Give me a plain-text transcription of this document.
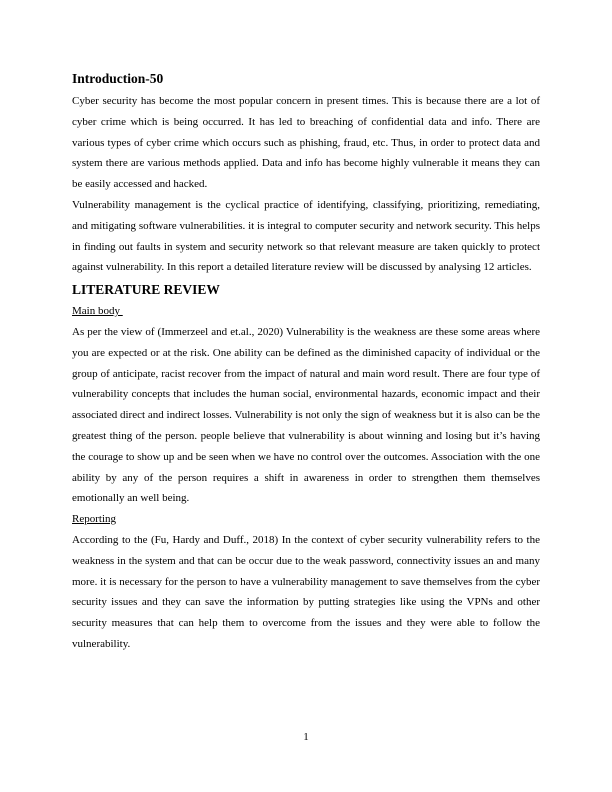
Introduction-50

Cyber security has become the most popular concern in present times. This is because there are a lot of cyber crime which is being occurred. It has led to breaching of confidential data and info. There are various types of cyber crime which occurs such as phishing, fraud, etc. Thus, in order to protect data and system there are various methods applied. Data and info has become highly vulnerable it means they can be easily accessed and hacked.

Vulnerability management is the cyclical practice of identifying, classifying, prioritizing, remediating, and mitigating software vulnerabilities. it is integral to computer security and network security. This helps in finding out faults in system and security network so that relevant measure are taken quickly to protect against vulnerability. In this report a detailed literature review will be discussed by analysing 12 articles.

LITERATURE REVIEW

Main body

As per the view of (Immerzeel and et.al., 2020) Vulnerability is the weakness are these some areas where you are expected or at the risk. One ability can be defined as the diminished capacity of individual or the group of anticipate, racist recover from the impact of natural and main word result. There are four type of vulnerability concepts that includes the human social, environmental hazards, economic impact and their associated direct and indirect losses. Vulnerability is not only the sign of weakness but it is also can be the greatest thing of the person. people believe that vulnerability is about winning and losing but it’s having the courage to show up and be seen when we have no control over the outcomes. Association with the one ability by any of the person requires a shift in awareness in order to strengthen them themselves emotionally an well being.

Reporting

According to the (Fu, Hardy and Duff., 2018) In the context of cyber security vulnerability refers to the weakness in the system and that can be occur due to the weak password, connectivity issues an and many more. it is necessary for the person to have a vulnerability management to save themselves from the cyber security issues and they can save the information by putting strategies like using the VPNs and other security measures that can help them to overcome from the issues and they were able to follow the vulnerability.

1
